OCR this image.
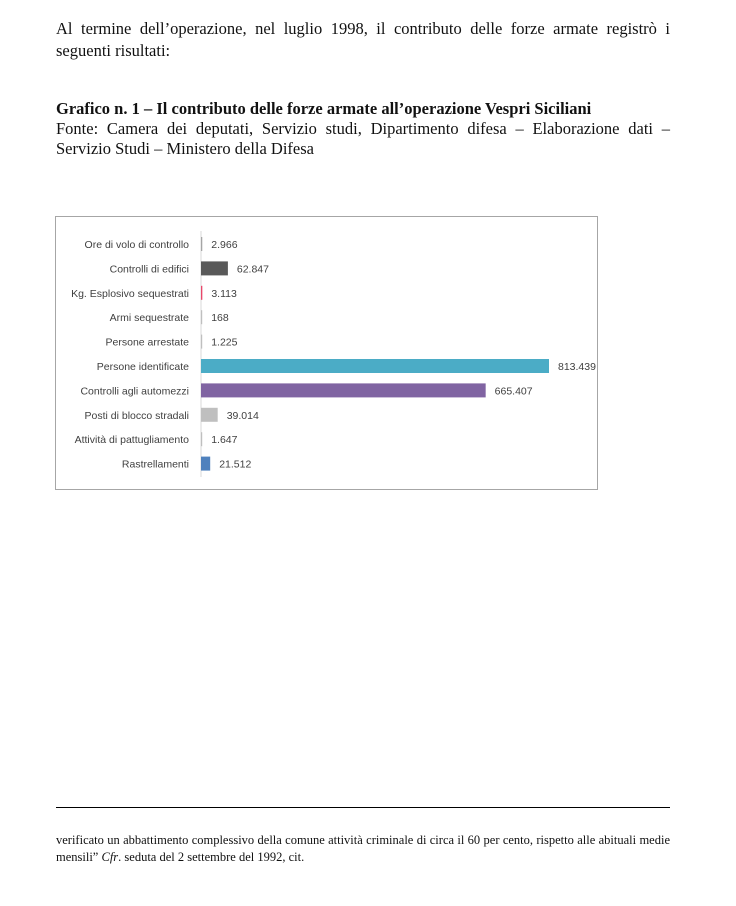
Al termine dell’operazione, nel luglio 1998, il contributo delle forze armate registrò i seguenti risultati:
Grafico n. 1 – Il contributo delle forze armate all’operazione Vespri Siciliani
Fonte: Camera dei deputati, Servizio studi, Dipartimento difesa – Elaborazione dati – Servizio Studi – Ministero della Difesa
Ore di volo di controllo 2.966
Controlli di edifici	62.847
Kg. Esplosivo sequestrati 3.113
Armi sequestrate 168
Persone arrestate 1.225
Persone identificate	813.439
Controlli agli automezzi	665.407
Posti di blocco stradali	39.014
Attività di pattugliamento 1.647
Rastrellamenti	21.512
verificato un abbattimento complessivo della comune attività criminale di circa il 60 per cento, rispetto alle abituali medie mensili” Cfr. seduta del 2 settembre del 1992, cit.
